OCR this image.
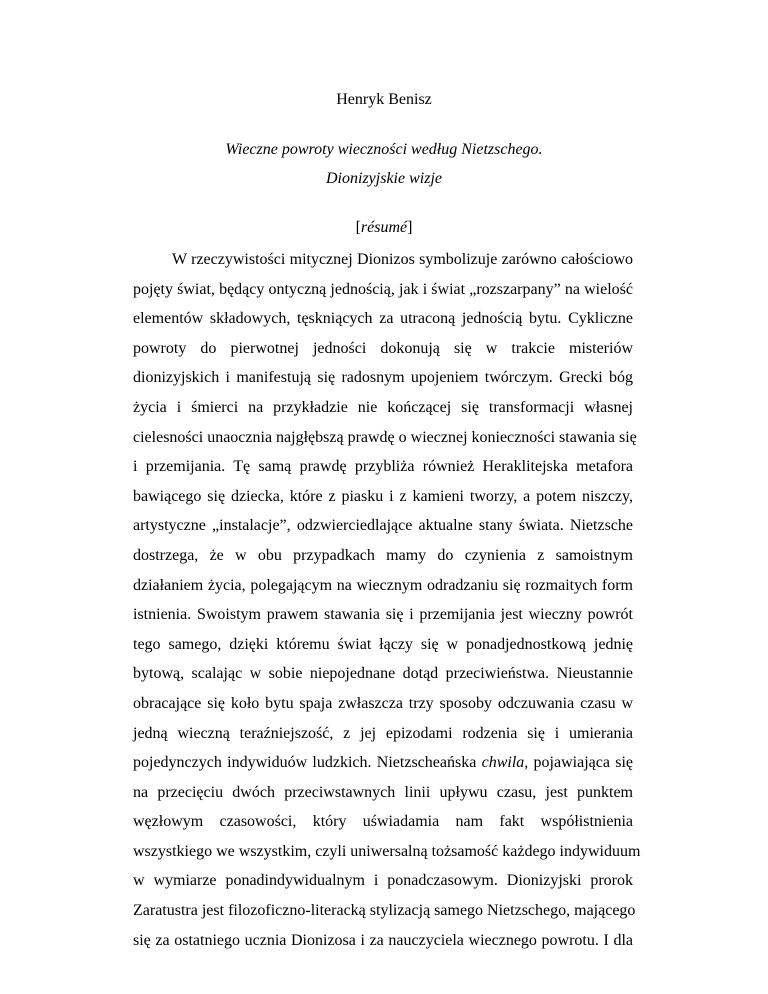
Henryk Benisz
Wieczne powroty wieczności według Nietzschego.
Dionizyjskie wizje
[résumé]
W rzeczywistości mitycznej Dionizos symbolizuje zarówno całościowo
pojęty świat, będący ontyczną jednością, jak i świat „rozszarpany” na wielość
elementów składowych, tęskniących za utraconą jednością bytu. Cykliczne
powroty do pierwotnej jedności dokonują się w trakcie misteriów
dionizyjskich i manifestują się radosnym upojeniem twórczym. Grecki bóg
życia i śmierci na przykładzie nie kończącej się transformacji własnej
cielesności unaocznia najgłębszą prawdę o wiecznej konieczności stawania się
i przemijania. Tę samą prawdę przybliża również Heraklitejska metafora
bawiącego się dziecka, które z piasku i z kamieni tworzy, a potem niszczy,
artystyczne „instalacje”, odzwierciedlające aktualne stany świata. Nietzsche
dostrzega, że w obu przypadkach mamy do czynienia z samoistnym
działaniem życia, polegającym na wiecznym odradzaniu się rozmaitych form
istnienia. Swoistym prawem stawania się i przemijania jest wieczny powrót
tego samego, dzięki któremu świat łączy się w ponadjednostkową jednię
bytową, scalając w sobie niepojednane dotąd przeciwieństwa. Nieustannie
obracające się koło bytu spaja zwłaszcza trzy sposoby odczuwania czasu w
jedną wieczną teraźniejszość, z jej epizodami rodzenia się i umierania
pojedynczych indywiduów ludzkich. Nietzscheańska chwila, pojawiająca się
na przecięciu dwóch przeciwstawnych linii upływu czasu, jest punktem
węzłowym czasowości, który uświadamia nam fakt współistnienia
wszystkiego we wszystkim, czyli uniwersalną tożsamość każdego indywiduum
w wymiarze ponadindywidualnym i ponadczasowym. Dionizyjski prorok
Zaratustra jest filozoficzno-literacką stylizacją samego Nietzschego, mającego
się za ostatniego ucznia Dionizosa i za nauczyciela wiecznego powrotu. I dla
